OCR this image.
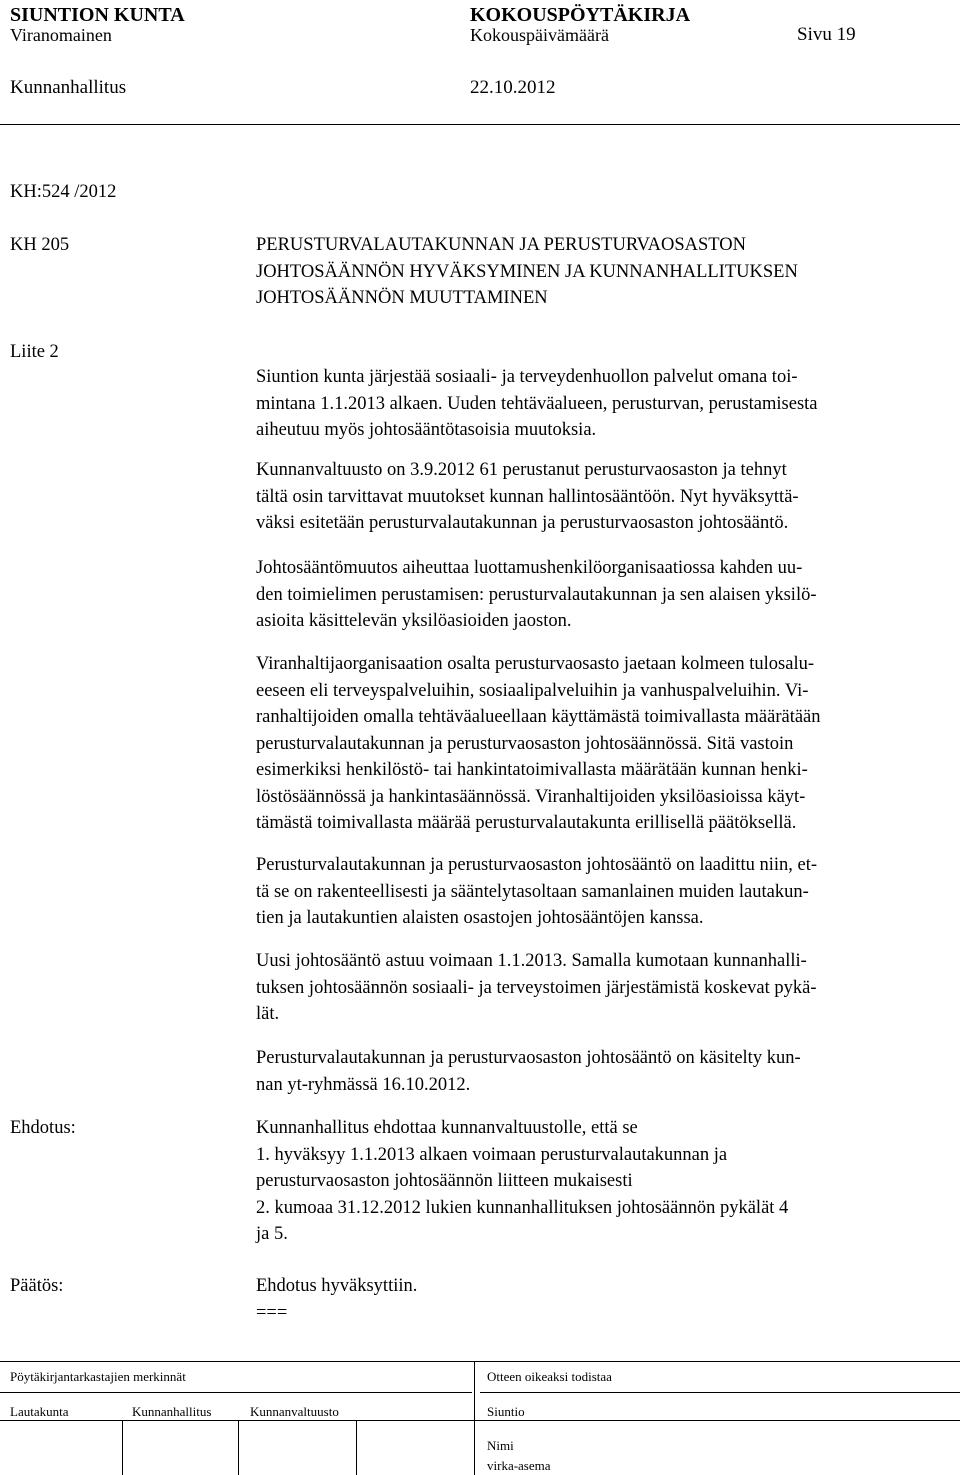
SIUNTION KUNTA	KOKOUSPÖYTÄKIRJA
Viranomainen	Kokouspäivämäärä	Sivu 19
Kunnanhallitus	22.10.2012
KH:524 /2012
KH 205
Liite 2
PERUSTURVALAUTAKUNNAN JA PERUSTURVAOSASTON
JOHTOSÄÄNNÖN HYVÄKSYMINEN JA KUNNANHALLITUKSEN
JOHTOSÄÄNNÖN MUUTTAMINEN
Siuntion kunta järjestää sosiaali- ja terveydenhuollon palvelut omana toi-
mintana 1.1.2013 alkaen. Uuden tehtäväalueen, perusturvan, perustamisesta
aiheutuu myös johtosääntötasoisia muutoksia.
Kunnanvaltuusto on 3.9.2012 61 perustanut perusturvaosaston ja tehnyt
tältä osin tarvittavat muutokset kunnan hallintosääntöön. Nyt hyväksyttä-
väksi esitetään perusturvalautakunnan ja perusturvaosaston johtosääntö.
Johtosääntömuutos aiheuttaa luottamushenkilöorganisaatiossa kahden uu-
den toimielimen perustamisen: perusturvalautakunnan ja sen alaisen yksilö-
asioita käsittelevän yksilöasioiden jaoston.
Viranhaltijaorganisaation osalta perusturvaosasto jaetaan kolmeen tulosalu-
eeseen eli terveyspalveluihin, sosiaalipalveluihin ja vanhuspalveluihin. Vi-
ranhaltijoiden omalla tehtäväalueellaan käyttämästä toimivallasta määrätään
perusturvalautakunnan ja perusturvaosaston johtosäännössä. Sitä vastoin
esimerkiksi henkilöstö- tai hankintatoimivallasta määrätään kunnan henki-
löstösäännössä ja hankintasäännössä. Viranhaltijoiden yksilöasioissa käyt-
tämästä toimivallasta määrää perusturvalautakunta erillisellä päätöksellä.
Perusturvalautakunnan ja perusturvaosaston johtosääntö on laadittu niin, et-
tä se on rakenteellisesti ja sääntelytasoltaan samanlainen muiden lautakun-
tien ja lautakuntien alaisten osastojen johtosääntöjen kanssa.
Uusi johtosääntö astuu voimaan 1.1.2013. Samalla kumotaan kunnanhalli-
tuksen johtosäännön sosiaali- ja terveystoimen järjestämistä koskevat pykä-
lät.
Perusturvalautakunnan ja perusturvaosaston johtosääntö on käsitelty kun-
nan yt-ryhmässä 16.10.2012.
Ehdotus:	Kunnanhallitus ehdottaa kunnanvaltuustolle, että se
1. hyväksyy 1.1.2013 alkaen voimaan perusturvalautakunnan ja
perusturvaosaston johtosäännön liitteen mukaisesti
2. kumoaa 31.12.2012 lukien kunnanhallituksen johtosäännön pykälät 4
ja 5.
Päätös:	Ehdotus hyväksyttiin.
===
Pöytäkirjantarkastajien merkinnät	Otteen oikeaksi todistaa
Lautakunta	Kunnanhallitus	Kunnanvaltuusto	Siuntio
Nimi
virka-asema
